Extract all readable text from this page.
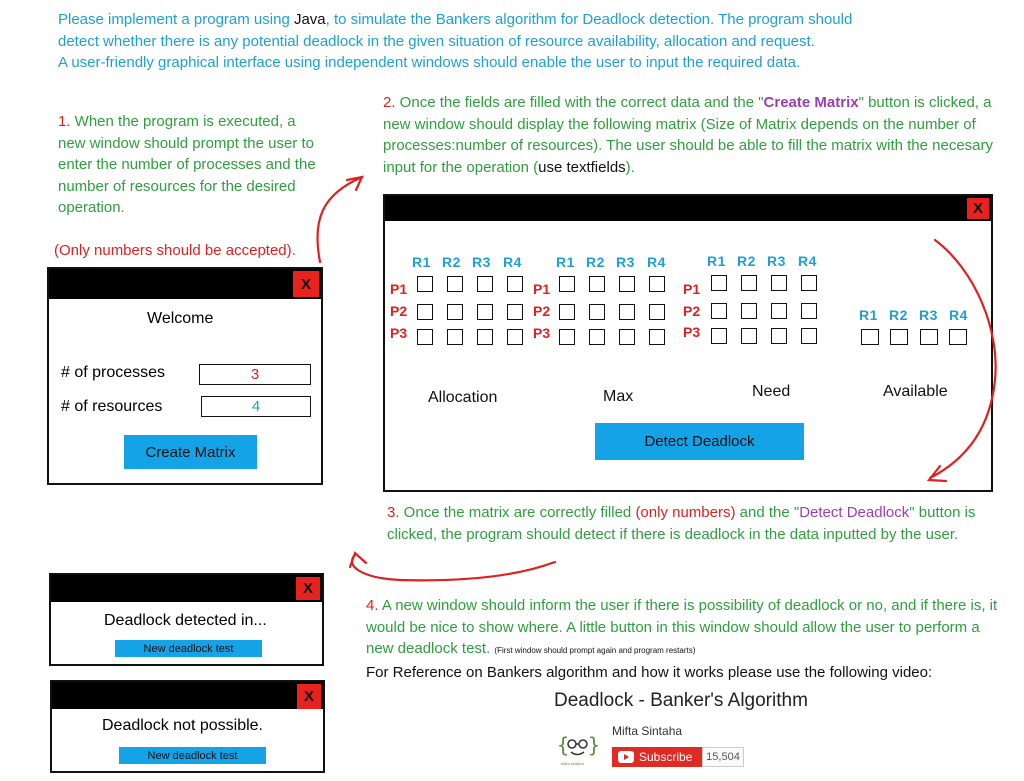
Please implement a program using Java, to simulate the Bankers algorithm for Deadlock detection. The program should
detect whether there is any potential deadlock in the given situation of resource availability, allocation and request.
A user-friendly graphical interface using independent windows should enable the user to input the required data.
1. When the program is executed, a new window should prompt the user to enter the number of processes and the number of resources for the desired operation.
(Only numbers should be accepted).
2. Once the fields are filled with the correct data and the "Create Matrix" button is clicked, a new window should display the following matrix (Size of Matrix depends on the number of processes:number of resources). The user should be able to fill the matrix with the necesary input for the operation (use textfields).
X
Welcome
# of processes	3
# of resources	4
Create Matrix
X
R1 R2 R3 R4
P1
P2
P3
Allocation
R1 R2 R3 R4
P1
P2
P3
Max
R1 R2 R3 R4
P1
P2
P3
Need
R1 R2 R3 R4
Available
Detect Deadlock
3. Once the matrix are correctly filled (only numbers) and the "Detect Deadlock" button is clicked, the program should detect if there is deadlock in the data inputted by the user.
4. A new window should inform the user if there is possibility of deadlock or no, and if there is, it would be nice to show where. A little button in this window should allow the user to perform a new deadlock test. (First window should prompt again and program restarts)
For Reference on Bankers algorithm and how it works please use the following video:
X
Deadlock detected in...
New deadlock test
X
Deadlock not possible.
New deadlock test
Deadlock - Banker's Algorithm
{ }
mifta sintaha
Mifta Sintaha
Subscribe	15,504
